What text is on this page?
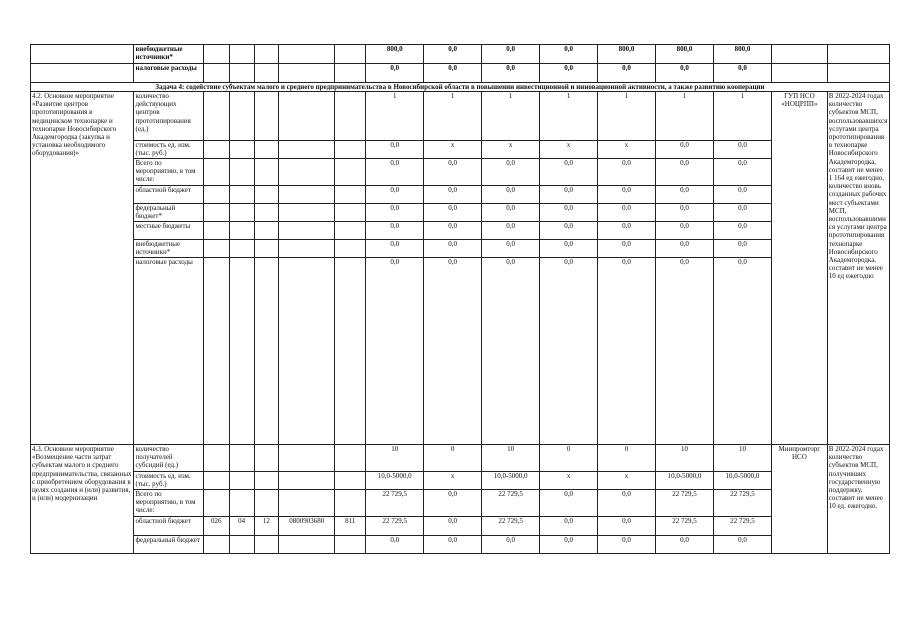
	внебюджетные источники*						800,0	0,0	0,0	0,0	800,0	800,0	800,0		
	налоговые расходы						0,0	0,0	0,0	0,0	0,0	0,0	0,0		
Задача 4: содействие субъектам малого и среднего предпринимательства в Новосибирской области в повышении инвестиционной и инновационной активности, а также развитию кооперации															
4.2. Основное мероприятие «Развитие центров прототипирования в медицинском технопарке и технопарке Новосибирского Академгородка (закупка и установка необходимого оборудования)»	количество действующих центров прототипирования (ед.)						1	1	1	1	1	1	1	ГУП НСО «НОЦРПП»	В 2022-2024 годах количество субъектов МСП, воспользовавшихся услугами центра прототипирования в технопарке Новосибирского Академгородка, составит не менее 1 164 ед ежегодно, количество вновь созданных рабочих мест субъектами МСП, воспользовавшимися услугами центра прототипирования технопарке Новосибирского Академгородка, составит не менее 10 ед ежегодно
	стоимость ед. изм. (тыс. руб.)						0,0	x	x	x	x	0,0	0,0		
	Всего по мероприятию, в том числе:						0,0	0,0	0,0	0,0	0,0	0,0	0,0		
	областной бюджет						0,0	0,0	0,0	0,0	0,0	0,0	0,0		
	федеральный бюджет*						0,0	0,0	0,0	0,0	0,0	0,0	0,0		
	местные бюджеты						0,0	0,0	0,0	0,0	0,0	0,0	0,0		
	внебюджетные источники*						0,0	0,0	0,0	0,0	0,0	0,0	0,0		
	налоговые расходы						0,0	0,0	0,0	0,0	0,0	0,0	0,0		
4.3. Основное мероприятие «Возмещение части затрат субъектам малого и среднего предпринимательства, связанных с приобретением оборудования в целях создания и (или) развития, и (или) модернизации	количество получателей субсидий (ед.)						10	0	10	0	0	10	10	Минпромторг НСО	В 2022-2024 годах количество субъектов МСП, получивших государственную поддержку, составит не менее 10 ед. ежегодно.
	стоимость ед. изм. (тыс. руб.)						10,0-5000,0	x	10,0-5000,0	x	x	10,0-5000,0	10,0-5000,0		
	Всего по мероприятию, в том числе:						22 729,5	0,0	22 729,5	0,0	0,0	22 729,5	22 729,5		
	областной бюджет	026	04	12	0800903680	811	22 729,5	0,0	22 729,5	0,0	0,0	22 729,5	22 729,5		
	федеральный бюджет						0,0	0,0	0,0	0,0	0,0	0,0	0,0		
